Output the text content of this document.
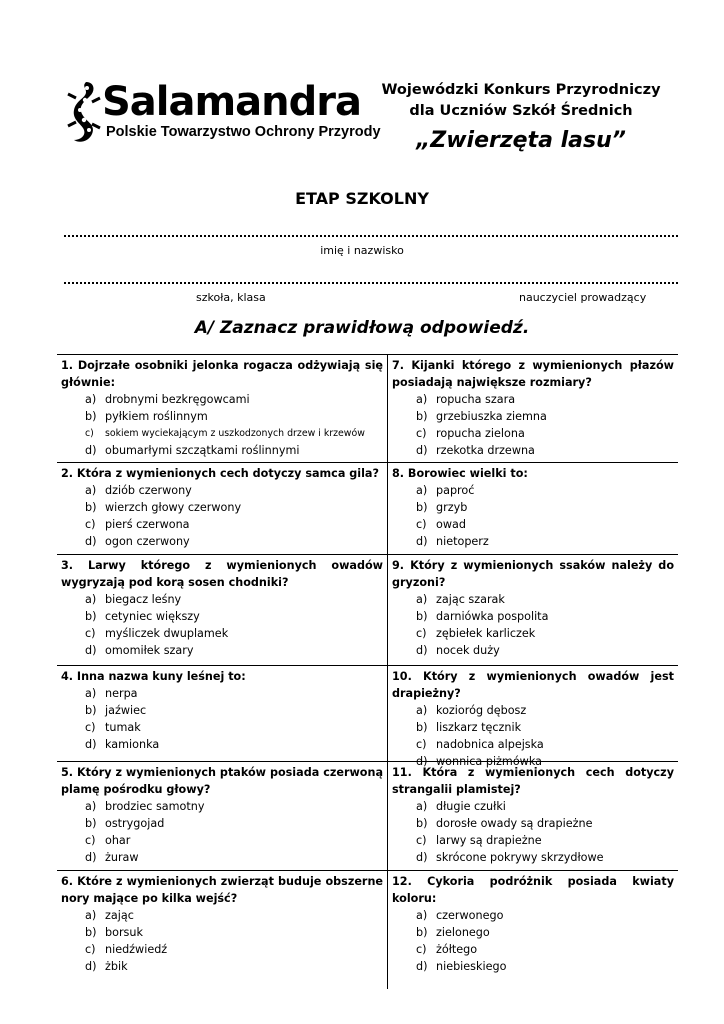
Salamandra
Polskie Towarzystwo Ochrony Przyrody
Wojewódzki Konkurs Przyrodniczy
dla Uczniów Szkół Średnich
„Zwierzęta lasu”
ETAP SZKOLNY
imię i nazwisko
szkoła, klasa	nauczyciel prowadzący
A/ Zaznacz prawidłową odpowiedź.
1. Dojrzałe osobniki jelonka rogacza odżywiają się głównie:
a) drobnymi bezkręgowcami
b) pyłkiem roślinnym
c) sokiem wyciekającym z uszkodzonych drzew i krzewów
d) obumarłymi szczątkami roślinnymi
7. Kijanki którego z wymienionych płazów posiadają największe rozmiary?
a) ropucha szara
b) grzebiuszka ziemna
c) ropucha zielona
d) rzekotka drzewna
2. Która z wymienionych cech dotyczy samca gila?
a) dziób czerwony
b) wierzch głowy czerwony
c) pierś czerwona
d) ogon czerwony
8. Borowiec wielki to:
a) paproć
b) grzyb
c) owad
d) nietoperz
3. Larwy którego z wymienionych owadów wygryzają pod korą sosen chodniki?
a) biegacz leśny
b) cetyniec większy
c) myśliczek dwuplamek
d) omomiłek szary
9. Który z wymienionych ssaków należy do gryzoni?
a) zając szarak
b) darniówka pospolita
c) zębiełek karliczek
d) nocek duży
4. Inna nazwa kuny leśnej to:
a) nerpa
b) jaźwiec
c) tumak
d) kamionka
10. Który z wymienionych owadów jest drapieżny?
a) kozioróg dębosz
b) liszkarz tęcznik
c) nadobnica alpejska
d) wonnica piżmówka
5. Który z wymienionych ptaków posiada czerwoną plamę pośrodku głowy?
a) brodziec samotny
b) ostrygojad
c) ohar
d) żuraw
11. Która z wymienionych cech dotyczy strangalii plamistej?
a) długie czułki
b) dorosłe owady są drapieżne
c) larwy są drapieżne
d) skrócone pokrywy skrzydłowe
6. Które z wymienionych zwierząt buduje obszerne nory mające po kilka wejść?
a) zając
b) borsuk
c) niedźwiedź
d) żbik
12. Cykoria podróżnik posiada kwiaty koloru:
a) czerwonego
b) zielonego
c) żółtego
d) niebieskiego
